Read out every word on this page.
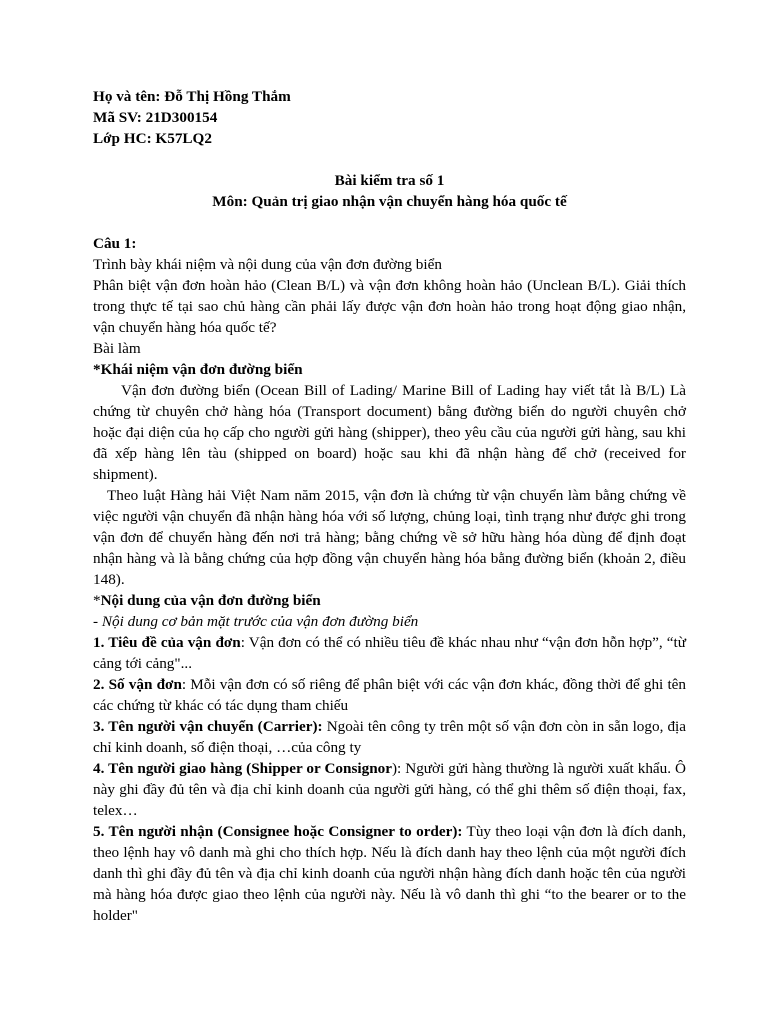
Họ và tên: Đỗ Thị Hồng Thắm
Mã SV: 21D300154
Lớp HC: K57LQ2
Bài kiểm tra số 1
Môn: Quản trị giao nhận vận chuyển hàng hóa quốc tế
Câu 1:

Trình bày khái niệm và nội dung của vận đơn đường biển

Phân biệt vận đơn hoàn hảo (Clean B/L) và vận đơn không hoàn hảo (Unclean B/L). Giải thích trong thực tế tại sao chủ hàng cần phải lấy được vận đơn hoàn hảo trong hoạt động giao nhận, vận chuyển hàng hóa quốc tế?

Bài làm
*Khái niệm vận đơn đường biển

Vận đơn đường biển (Ocean Bill of Lading/ Marine Bill of Lading hay viết tắt là B/L) Là chứng từ chuyên chở hàng hóa (Transport document) bằng đường biển do người chuyên chở hoặc đại diện của họ cấp cho người gửi hàng (shipper), theo yêu cầu của người gửi hàng, sau khi đã xếp hàng lên tàu (shipped on board) hoặc sau khi đã nhận hàng để chở (received for shipment).

Theo luật Hàng hải Việt Nam năm 2015, vận đơn là chứng từ vận chuyển làm bằng chứng về việc người vận chuyển đã nhận hàng hóa với số lượng, chủng loại, tình trạng như được ghi trong vận đơn để chuyển hàng đến nơi trả hàng; bằng chứng về sở hữu hàng hóa dùng để định đoạt nhận hàng và là bằng chứng của hợp đồng vận chuyển hàng hóa bằng đường biển (khoản 2, điều 148).

*Nội dung của vận đơn đường biển
- Nội dung cơ bản mặt trước của vận đơn đường biển

1. Tiêu đề của vận đơn: Vận đơn có thể có nhiều tiêu đề khác nhau như “vận đơn hỗn hợp”, “từ cảng tới cảng"...

2. Số vận đơn: Mỗi vận đơn có số riêng để phân biệt với các vận đơn khác, đồng thời để ghi tên các chứng từ khác có tác dụng tham chiếu

3. Tên người vận chuyển (Carrier): Ngoài tên công ty trên một số vận đơn còn in sẵn logo, địa chỉ kinh doanh, số điện thoại, …của công ty

4. Tên người giao hàng (Shipper or Consignor): Người gửi hàng thường là người xuất khẩu. Ô này ghi đầy đủ tên và địa chỉ kinh doanh của người gửi hàng, có thể ghi thêm số điện thoại, fax, telex…

5. Tên người nhận (Consignee hoặc Consigner to order): Tùy theo loại vận đơn là đích danh, theo lệnh hay vô danh mà ghi cho thích hợp. Nếu là đích danh hay theo lệnh của một người đích danh thì ghi đầy đủ tên và địa chỉ kinh doanh của người nhận hàng đích danh hoặc tên của người mà hàng hóa được giao theo lệnh của người này. Nếu là vô danh thì ghi “to the bearer or to the holder"
